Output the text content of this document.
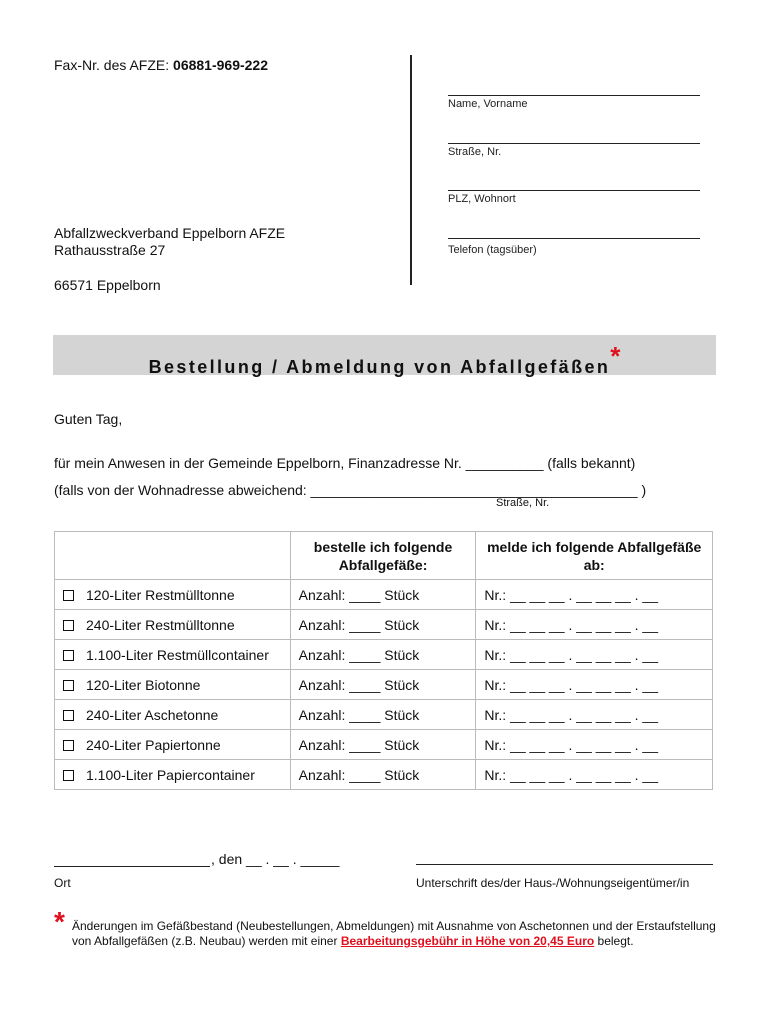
Fax-Nr. des AFZE: 06881-969-222
Name, Vorname
Straße, Nr.
PLZ, Wohnort
Telefon (tagsüber)
Abfallzweckverband Eppelborn AFZE
Rathausstraße 27
66571 Eppelborn
Bestellung / Abmeldung von Abfallgefäßen*
Guten Tag,
für mein Anwesen in der Gemeinde Eppelborn, Finanzadresse Nr. __________ (falls bekannt)
(falls von der Wohnadresse abweichend: __________________________________________ )
Straße, Nr.
	bestelle ich folgende Abfallgefäße:	melde ich folgende Abfallgefäße ab:
120-Liter Restmülltonne	Anzahl: ____ Stück	Nr.: __ __ __ . __ __ __ . __
240-Liter Restmülltonne	Anzahl: ____ Stück	Nr.: __ __ __ . __ __ __ . __
1.100-Liter Restmüllcontainer	Anzahl: ____ Stück	Nr.: __ __ __ . __ __ __ . __
120-Liter Biotonne	Anzahl: ____ Stück	Nr.: __ __ __ . __ __ __ . __
240-Liter Aschetonne	Anzahl: ____ Stück	Nr.: __ __ __ . __ __ __ . __
240-Liter Papiertonne	Anzahl: ____ Stück	Nr.: __ __ __ . __ __ __ . __
1.100-Liter Papiercontainer	Anzahl: ____ Stück	Nr.: __ __ __ . __ __ __ . __
, den __ . __ . _____
Ort	Unterschrift des/der Haus-/Wohnungseigentümer/in
* Änderungen im Gefäßbestand (Neubestellungen, Abmeldungen) mit Ausnahme von Aschetonnen und der Erstaufstellung von Abfallgefäßen (z.B. Neubau) werden mit einer Bearbeitungsgebühr in Höhe von 20,45 Euro belegt.
